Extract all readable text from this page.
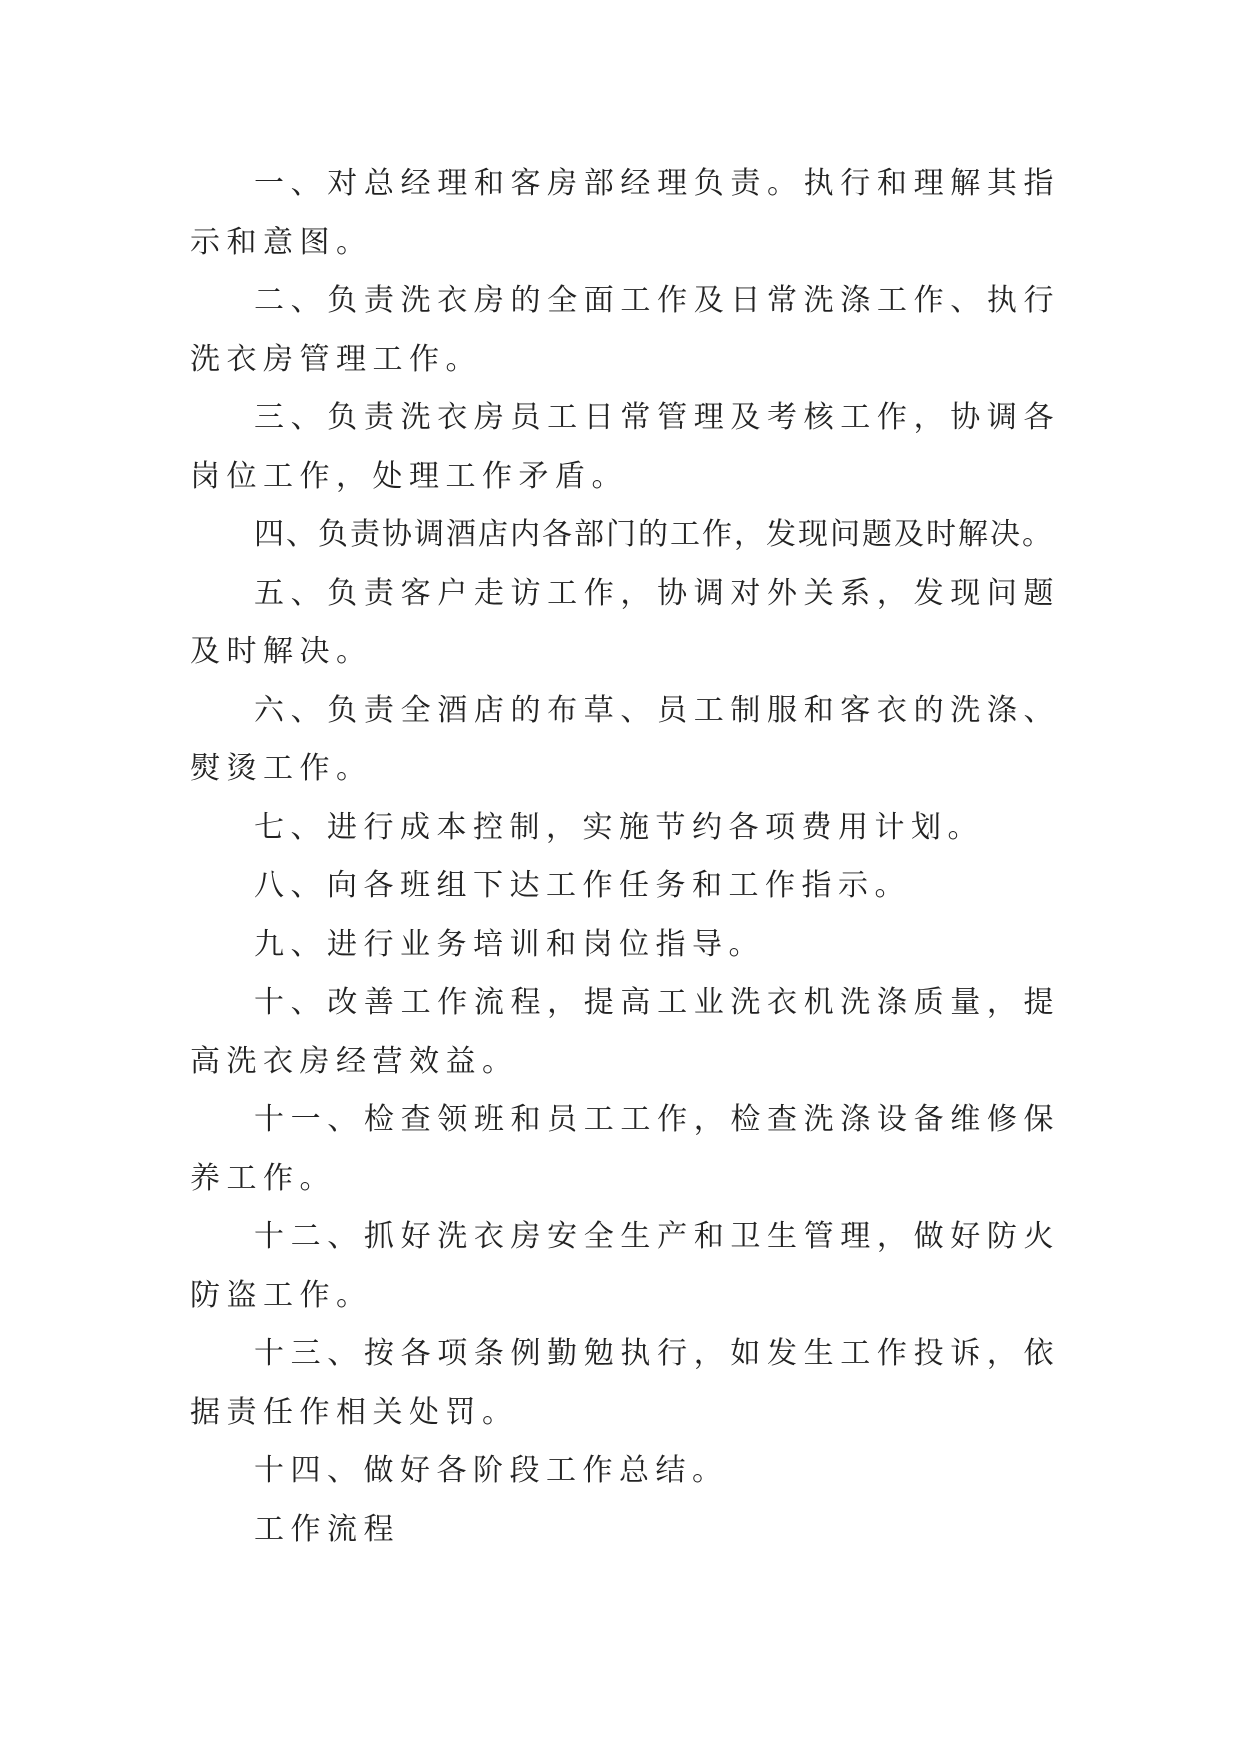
一、对总经理和客房部经理负责。执行和理解其指示和意图。

二、负责洗衣房的全面工作及日常洗涤工作、执行洗衣房管理工作。

三、负责洗衣房员工日常管理及考核工作，协调各岗位工作，处理工作矛盾。

四、负责协调酒店内各部门的工作，发现问题及时解决。

五、负责客户走访工作，协调对外关系，发现问题及时解决。

六、负责全酒店的布草、员工制服和客衣的洗涤、熨烫工作。

七、进行成本控制，实施节约各项费用计划。

八、向各班组下达工作任务和工作指示。

九、进行业务培训和岗位指导。

十、改善工作流程，提高工业洗衣机洗涤质量，提高洗衣房经营效益。

十一、检查领班和员工工作，检查洗涤设备维修保养工作。

十二、抓好洗衣房安全生产和卫生管理，做好防火防盗工作。

十三、按各项条例勤勉执行，如发生工作投诉，依据责任作相关处罚。

十四、做好各阶段工作总结。

工作流程
